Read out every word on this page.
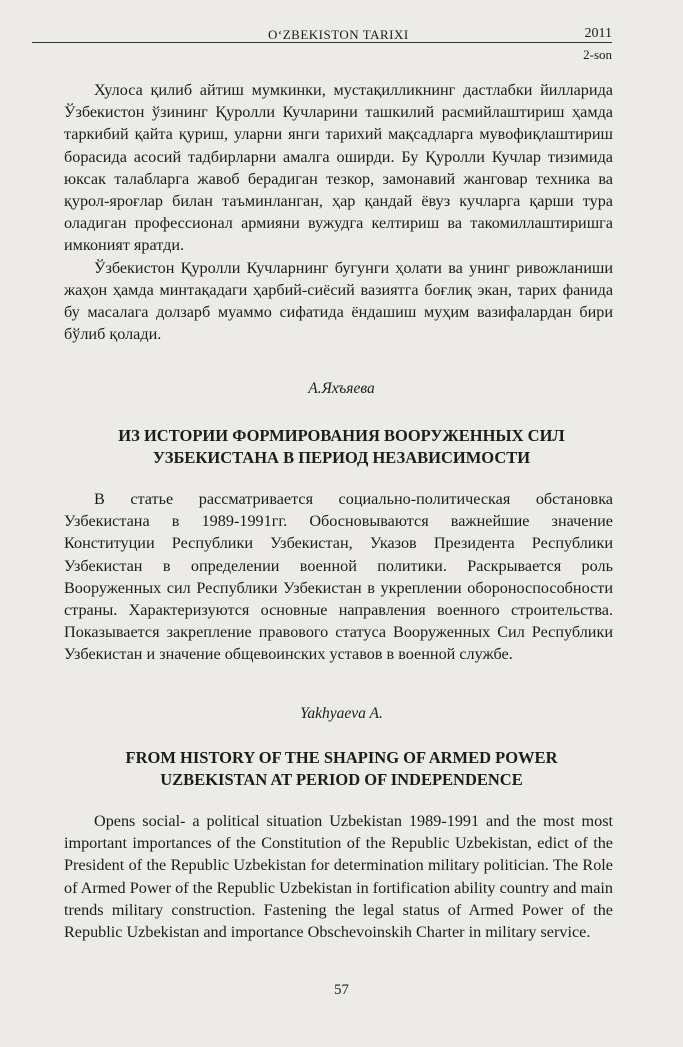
O‘ZBEKISTON TARIXI	2011
2-son

Хулоса қилиб айтиш мумкинки, мустақилликнинг дастлабки йилларида Ўзбекистон ўзининг Қуролли Кучларини ташкилий расмийлаштириш ҳамда таркибий қайта қуриш, уларни янги тарихий мақсадларга мувофиқлаштириш борасида асосий тадбирларни амалга оширди. Бу Қуролли Кучлар тизимида юксак талабларга жавоб берадиган тезкор, замонавий жанговар техника ва қурол-яроғлар билан таъминланган, ҳар қандай ёвуз кучларга қарши тура оладиган профессионал армияни вужудга келтириш ва такомиллаштиришга имконият яратди.

Ўзбекистон Қуролли Кучларнинг бугунги ҳолати ва унинг ривожланиши жаҳон ҳамда минтақадаги ҳарбий-сиёсий вазиятга боғлиқ экан, тарих фанида бу масалага долзарб муаммо сифатида ёндашиш муҳим вазифалардан бири бўлиб қолади.

А.Яхъяева
ИЗ ИСТОРИИ ФОРМИРОВАНИЯ ВООРУЖЕННЫХ СИЛ
УЗБЕКИСТАНА В ПЕРИОД НЕЗАВИСИМОСТИ

В статье рассматривается социально-политическая обстановка Узбекистана в 1989-1991гг. Обосновываются важнейшие значение Конституции Республики Узбекистан, Указов Президента Республики Узбекистан в определении военной политики. Раскрывается роль Вооруженных сил Республики Узбекистан в укреплении обороноспособности страны. Характеризуются основные направления военного строительства. Показывается закрепление правового статуса Вооруженных Сил Республики Узбекистан и значение общевоинских уставов в военной службе.

Yakhyaeva A.
FROM HISTORY OF THE SHAPING OF ARMED POWER
UZBEKISTAN AT PERIOD OF INDEPENDENCE

Opens social- a political situation Uzbekistan 1989-1991 and the most most important importances of the Constitution of the Republic Uzbekistan, edict of the President of the Republic Uzbekistan for determination military politician. The Role of Armed Power of the Republic Uzbekistan in fortification ability country and main trends military construction. Fastening the legal status of Armed Power of the Republic Uzbekistan and importance Obschevoinskih Charter in military service.

57
